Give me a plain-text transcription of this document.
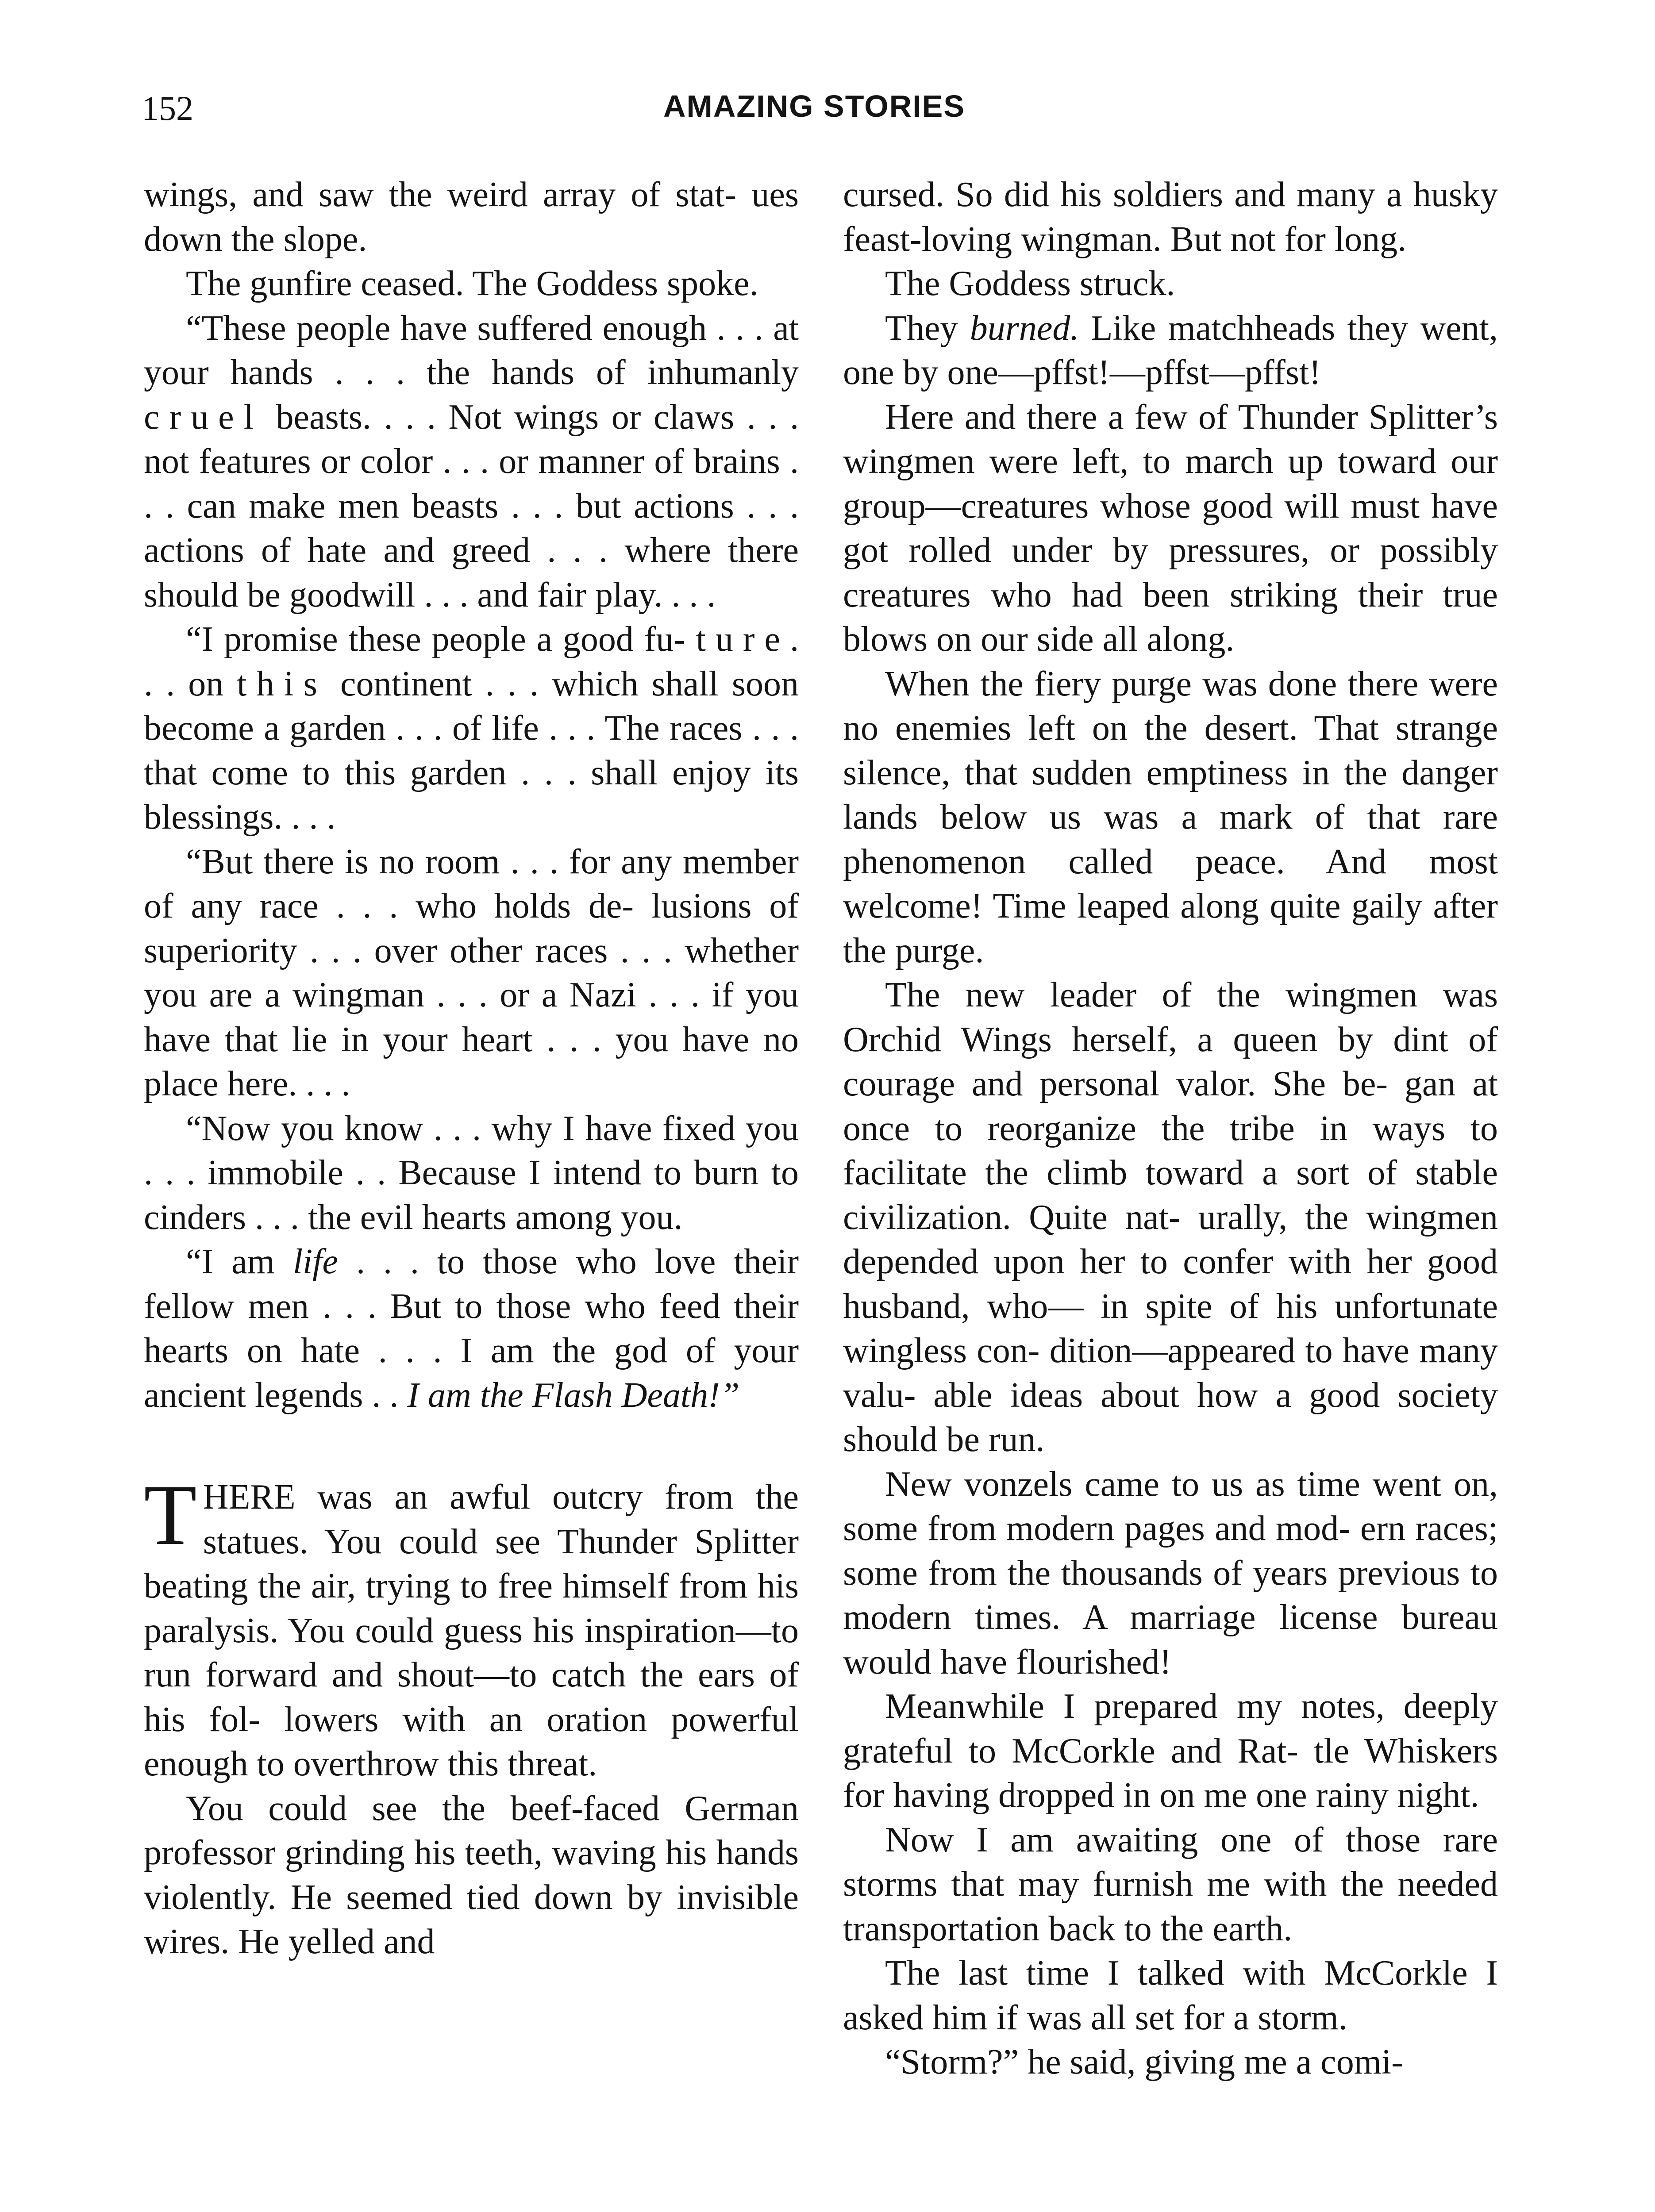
152	AMAZING STORIES

wings, and saw the weird array of stat- ues down the slope.

The gunfire ceased. The Goddess spoke.

“These people have suffered enough . . . at your hands . . . the hands of inhumanly cruel beasts. . . . Not wings or claws . . . not features or color . . . or manner of brains . . . can make men beasts . . . but actions . . . actions of hate and greed . . . where there should be goodwill . . . and fair play. . . .

“I promise these people a good fu- ture. . . on this continent . . . which shall soon become a garden . . . of life . . . The races . . . that come to this garden . . . shall enjoy its blessings. . . .

“But there is no room . . . for any member of any race . . . who holds de- lusions of superiority . . . over other races . . . whether you are a wingman . . . or a Nazi . . . if you have that lie in your heart . . . you have no place here. . . .

“Now you know . . . why I have fixed you . . . immobile . . Because I intend to burn to cinders . . . the evil hearts among you.

“I am life . . . to those who love their fellow men . . . But to those who feed their hearts on hate . . . I am the god of your ancient legends . . I am the Flash Death!”

THERE was an awful outcry from the statues. You could see Thunder Splitter beating the air, trying to free himself from his paralysis. You could guess his inspiration—to run forward and shout—to catch the ears of his fol- lowers with an oration powerful enough to overthrow this threat.

You could see the beef-faced German professor grinding his teeth, waving his hands violently. He seemed tied down by invisible wires. He yelled and

cursed. So did his soldiers and many a husky feast-loving wingman. But not for long.

The Goddess struck.

They burned. Like matchheads they went, one by one—pffst!—pffst—pffst!

Here and there a few of Thunder Splitter’s wingmen were left, to march up toward our group—creatures whose good will must have got rolled under by pressures, or possibly creatures who had been striking their true blows on our side all along.

When the fiery purge was done there were no enemies left on the desert. That strange silence, that sudden emptiness in the danger lands below us was a mark of that rare phenomenon called peace. And most welcome! Time leaped along quite gaily after the purge.

The new leader of the wingmen was Orchid Wings herself, a queen by dint of courage and personal valor. She be- gan at once to reorganize the tribe in ways to facilitate the climb toward a sort of stable civilization. Quite nat- urally, the wingmen depended upon her to confer with her good husband, who— in spite of his unfortunate wingless con- dition—appeared to have many valu- able ideas about how a good society should be run.

New vonzels came to us as time went on, some from modern pages and mod- ern races; some from the thousands of years previous to modern times. A marriage license bureau would have flourished!

Meanwhile I prepared my notes, deeply grateful to McCorkle and Rat- tle Whiskers for having dropped in on me one rainy night.

Now I am awaiting one of those rare storms that may furnish me with the needed transportation back to the earth.

The last time I talked with McCorkle I asked him if was all set for a storm.

“Storm?” he said, giving me a comi-
